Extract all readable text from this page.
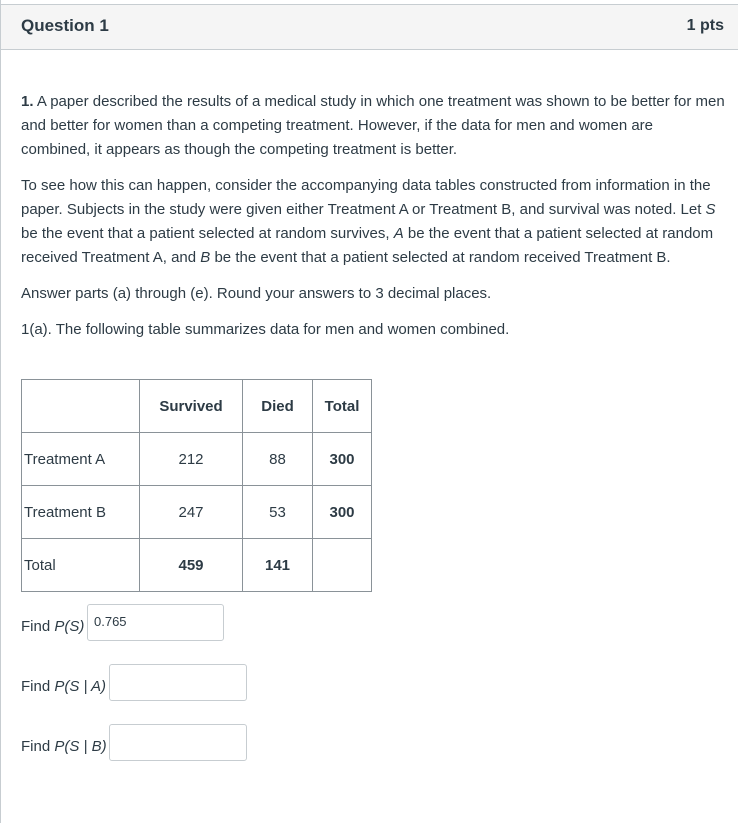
Question 1	1 pts

1. A paper described the results of a medical study in which one treatment was shown to be better for men and better for women than a competing treatment. However, if the data for men and women are combined, it appears as though the competing treatment is better.

To see how this can happen, consider the accompanying data tables constructed from information in the paper. Subjects in the study were given either Treatment A or Treatment B, and survival was noted. Let S be the event that a patient selected at random survives, A be the event that a patient selected at random received Treatment A, and B be the event that a patient selected at random received Treatment B.

Answer parts (a) through (e). Round your answers to 3 decimal places.

1(a). The following table summarizes data for men and women combined.

	Survived	Died	Total
Treatment A	212	88	300
Treatment B	247	53	300
Total	459	141	
Find P(S) 0.765
Find P(S | A)
Find P(S | B)
